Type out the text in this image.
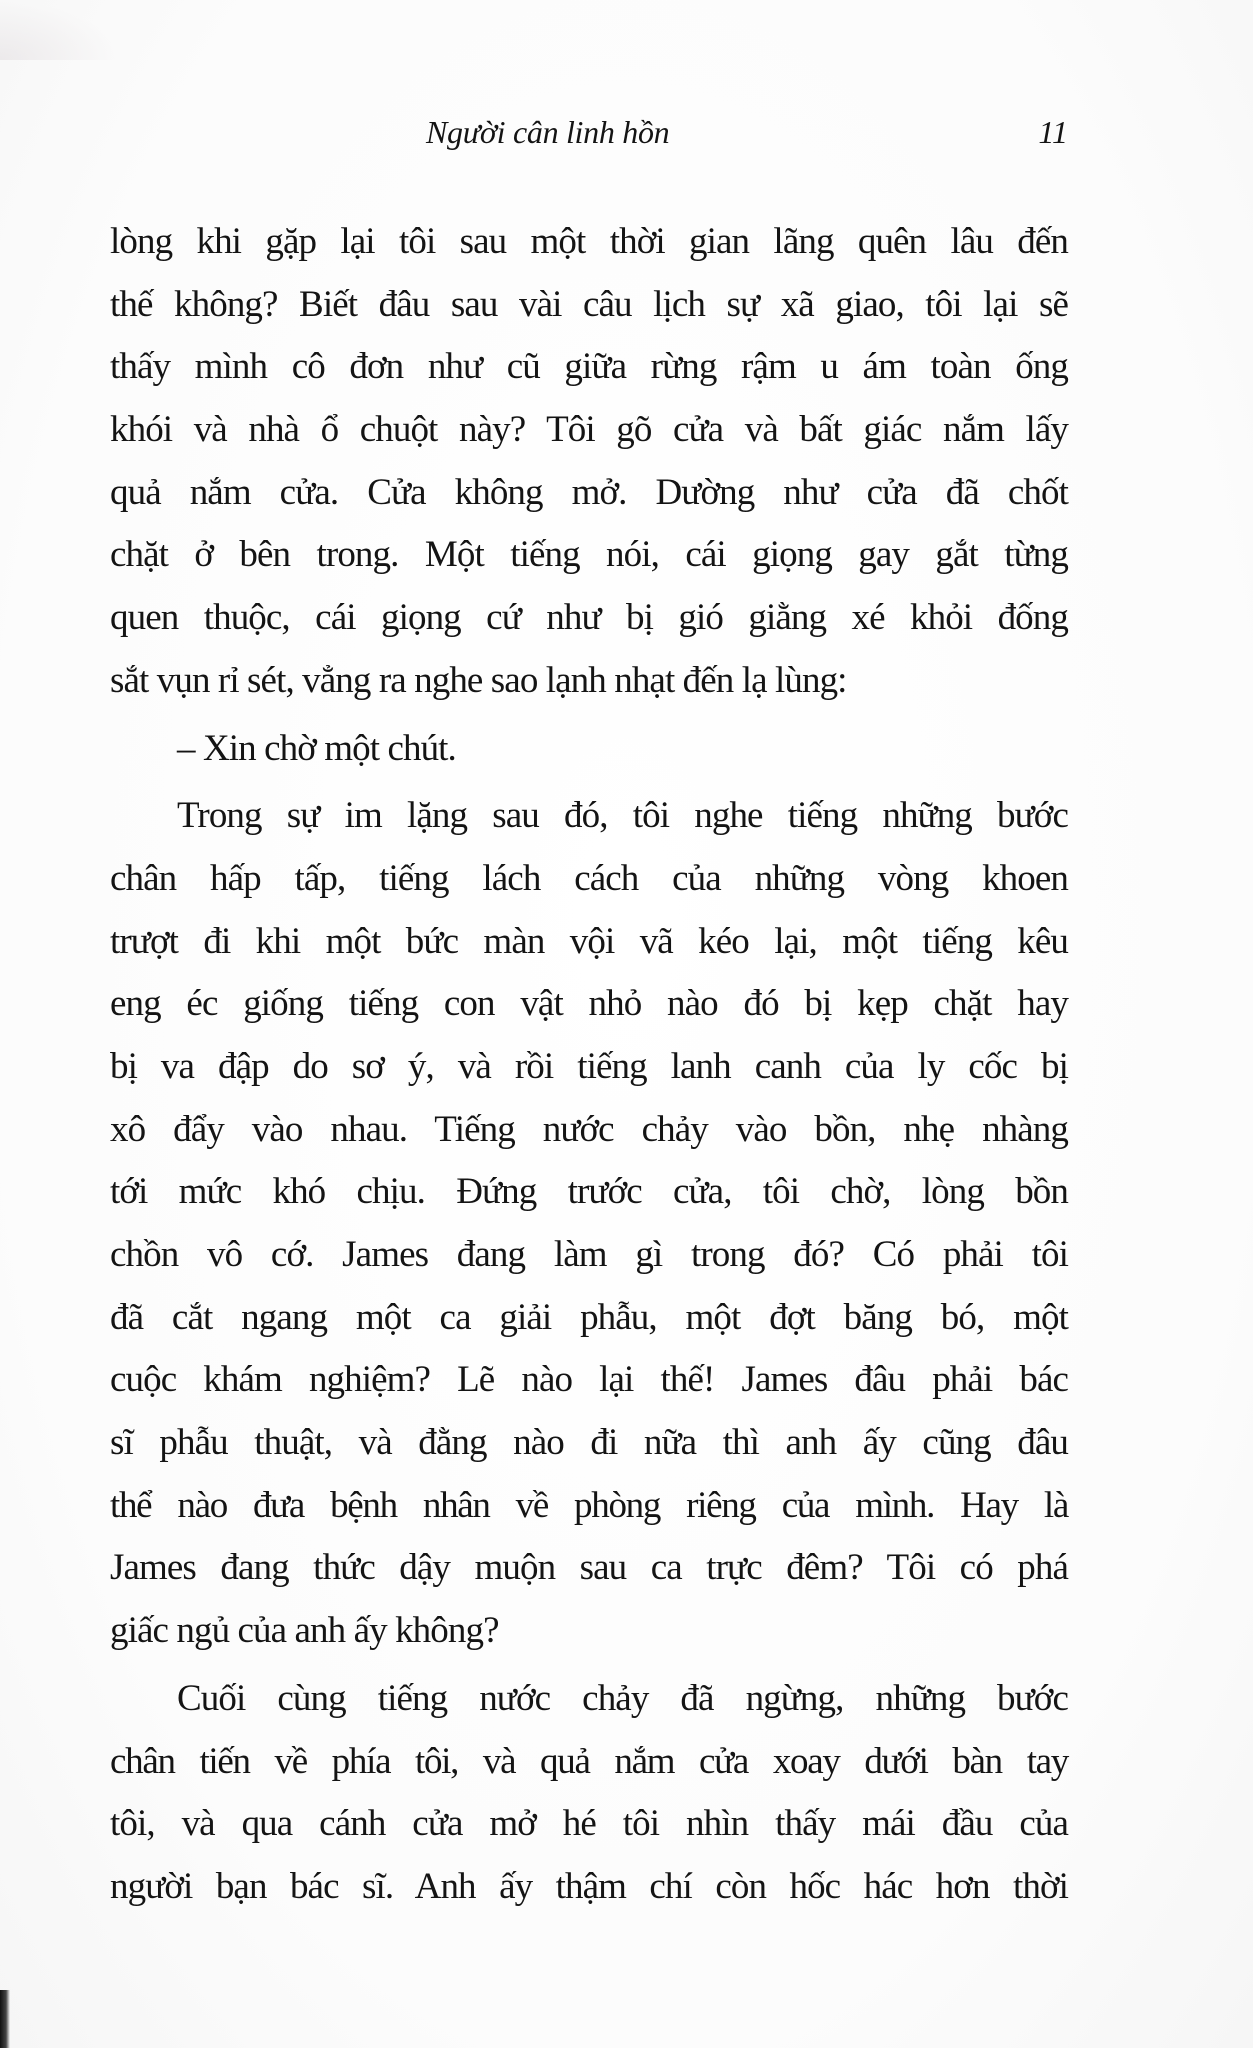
Người cân linh hồn	11
lòng khi gặp lại tôi sau một thời gian lãng quên lâu đến
thế không? Biết đâu sau vài câu lịch sự xã giao, tôi lại sẽ
thấy mình cô đơn như cũ giữa rừng rậm u ám toàn ống
khói và nhà ổ chuột này? Tôi gõ cửa và bất giác nắm lấy
quả nắm cửa. Cửa không mở. Dường như cửa đã chốt
chặt ở bên trong. Một tiếng nói, cái giọng gay gắt từng
quen thuộc, cái giọng cứ như bị gió giằng xé khỏi đống
sắt vụn rỉ sét, vẳng ra nghe sao lạnh nhạt đến lạ lùng:
– Xin chờ một chút.
Trong sự im lặng sau đó, tôi nghe tiếng những bước
chân hấp tấp, tiếng lách cách của những vòng khoen
trượt đi khi một bức màn vội vã kéo lại, một tiếng kêu
eng éc giống tiếng con vật nhỏ nào đó bị kẹp chặt hay
bị va đập do sơ ý, và rồi tiếng lanh canh của ly cốc bị
xô đẩy vào nhau. Tiếng nước chảy vào bồn, nhẹ nhàng
tới mức khó chịu. Đứng trước cửa, tôi chờ, lòng bồn
chồn vô cớ. James đang làm gì trong đó? Có phải tôi
đã cắt ngang một ca giải phẫu, một đợt băng bó, một
cuộc khám nghiệm? Lẽ nào lại thế! James đâu phải bác
sĩ phẫu thuật, và đằng nào đi nữa thì anh ấy cũng đâu
thể nào đưa bệnh nhân về phòng riêng của mình. Hay là
James đang thức dậy muộn sau ca trực đêm? Tôi có phá
giấc ngủ của anh ấy không?
Cuối cùng tiếng nước chảy đã ngừng, những bước
chân tiến về phía tôi, và quả nắm cửa xoay dưới bàn tay
tôi, và qua cánh cửa mở hé tôi nhìn thấy mái đầu của
người bạn bác sĩ. Anh ấy thậm chí còn hốc hác hơn thời
